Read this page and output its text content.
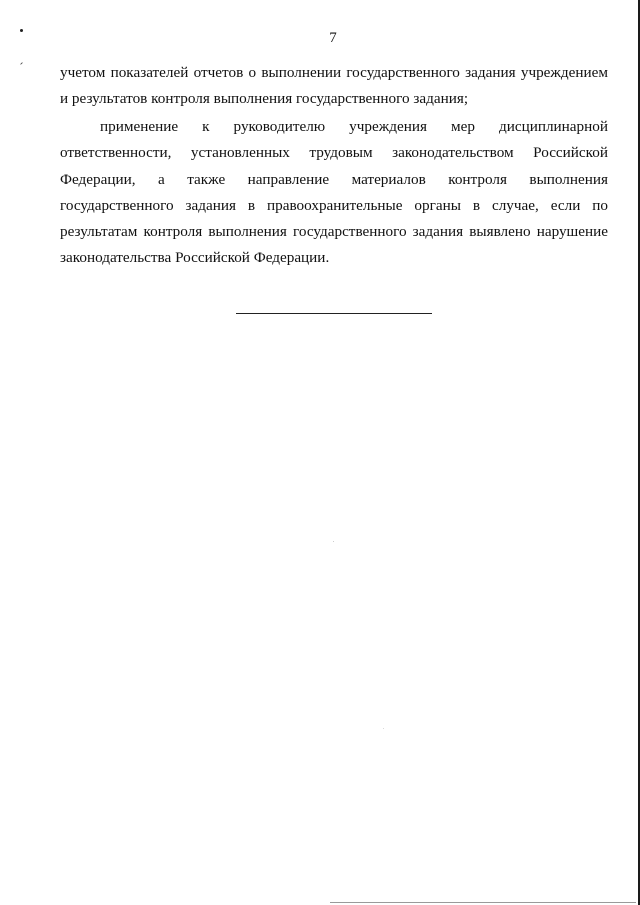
7

учетом показателей отчетов о выполнении государственного задания учреждением и результатов контроля выполнения государственного задания;

применение к руководителю учреждения мер дисциплинарной ответственности, установленных трудовым законодательством Российской Федерации, а также направление материалов контроля выполнения государственного задания в правоохранительные органы в случае, если по результатам контроля выполнения государственного задания выявлено нарушение законодательства Российской Федерации.
